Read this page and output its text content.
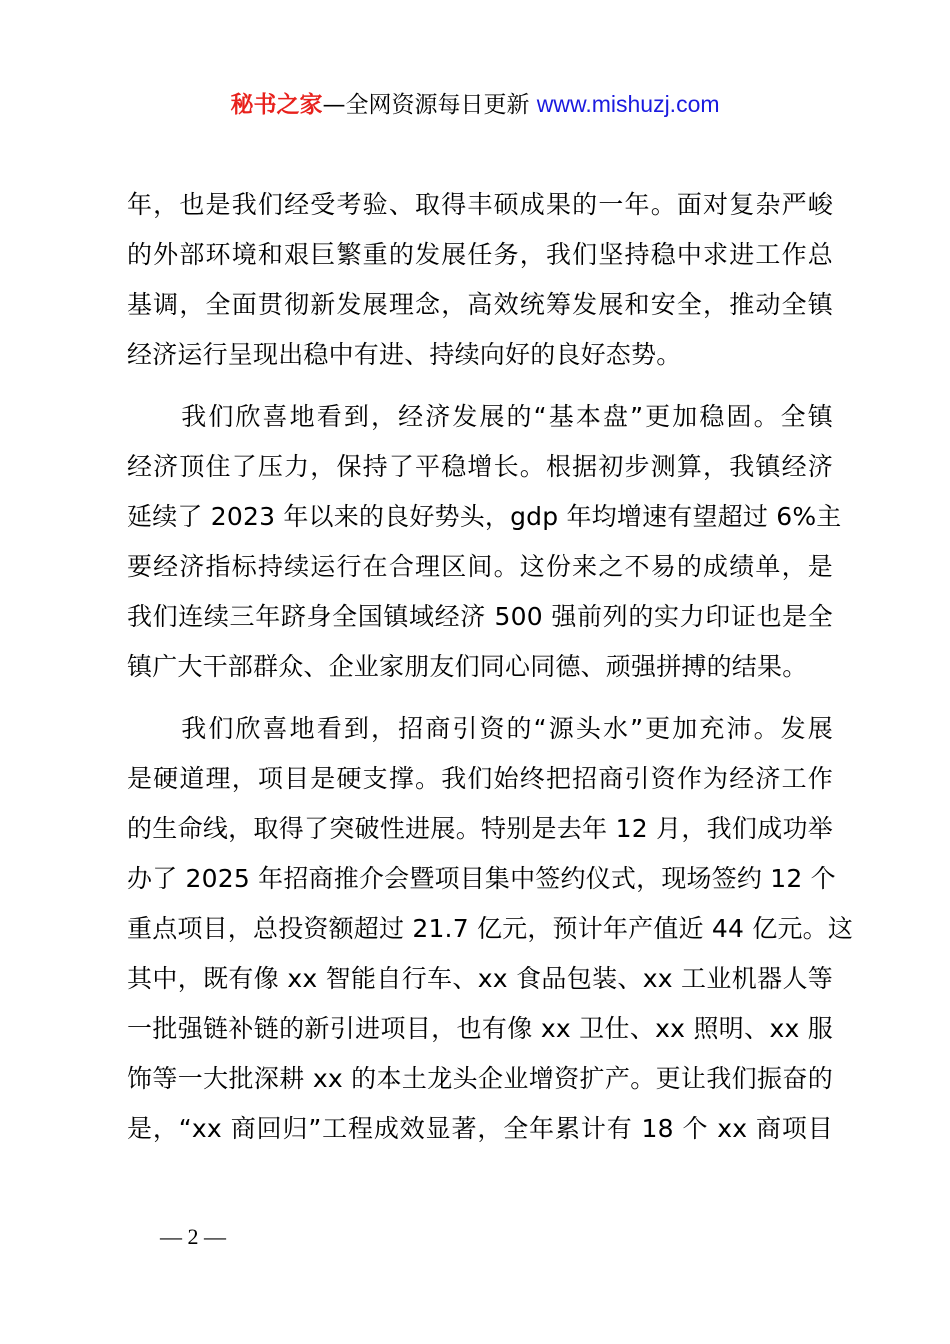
秘书之家—全网资源每日更新 www.mishuzj.com
年，也是我们经受考验、取得丰硕成果的一年。面对复杂严峻
的外部环境和艰巨繁重的发展任务，我们坚持稳中求进工作总
基调，全面贯彻新发展理念，高效统筹发展和安全，推动全镇
经济运行呈现出稳中有进、持续向好的良好态势。
　　我们欣喜地看到，经济发展的“基本盘”更加稳固。全镇
经济顶住了压力，保持了平稳增长。根据初步测算，我镇经济
延续了 2023 年以来的良好势头，gdp 年均增速有望超过 6%主
要经济指标持续运行在合理区间。这份来之不易的成绩单，是
我们连续三年跻身全国镇域经济 500 强前列的实力印证也是全
镇广大干部群众、企业家朋友们同心同德、顽强拼搏的结果。
　　我们欣喜地看到，招商引资的“源头水”更加充沛。发展
是硬道理，项目是硬支撑。我们始终把招商引资作为经济工作
的生命线，取得了突破性进展。特别是去年 12 月，我们成功举
办了 2025 年招商推介会暨项目集中签约仪式，现场签约 12 个
重点项目，总投资额超过 21.7 亿元，预计年产值近 44 亿元。这
其中，既有像 xx 智能自行车、xx 食品包装、xx 工业机器人等
一批强链补链的新引进项目，也有像 xx 卫仕、xx 照明、xx 服
饰等一大批深耕 xx 的本土龙头企业增资扩产。更让我们振奋的
是，“xx 商回归”工程成效显著，全年累计有 18 个 xx 商项目
— 2 —
